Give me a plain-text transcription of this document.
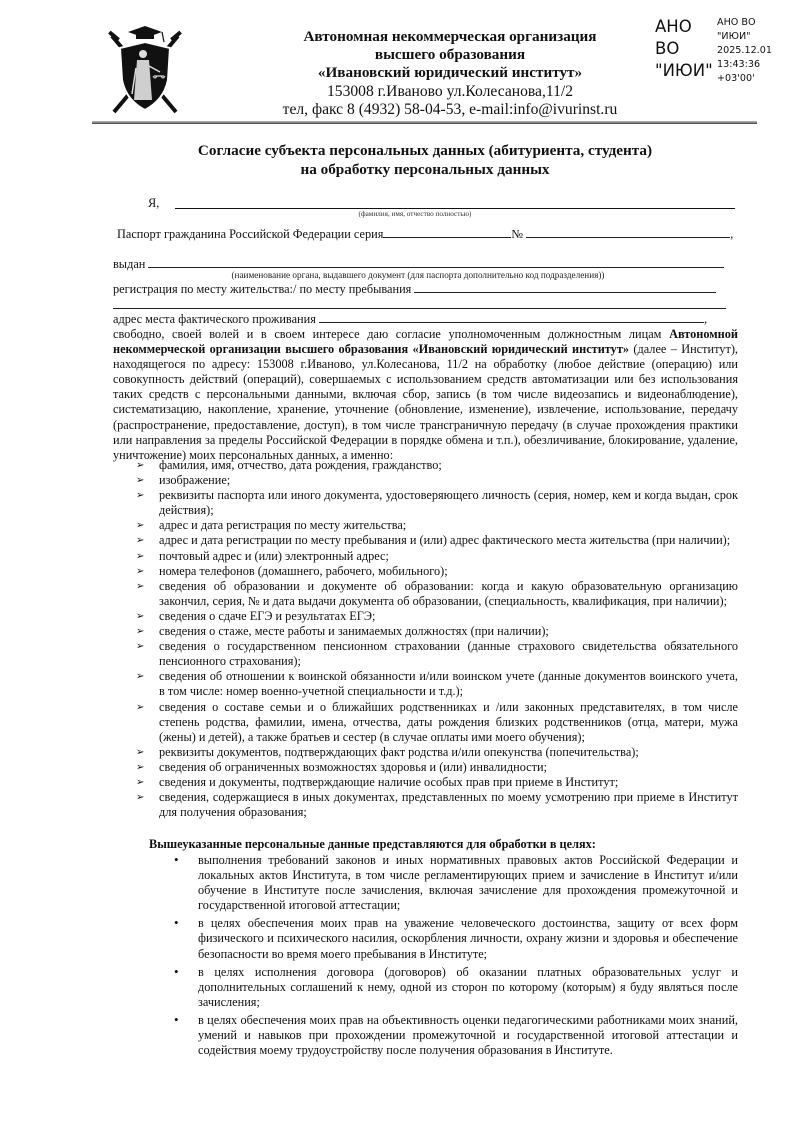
Автономная некоммерческая организация
высшего образования
«Ивановский юридический институт»
153008 г.Иваново ул.Колесанова,11/2
тел, факс 8 (4932) 58-04-53, e-mail:info@ivurinst.ru
АНО
ВО
"ИЮИ"
АНО ВО
"ИЮИ"
2025.12.01
13:43:36
+03'00'
Согласие субъекта персональных данных (абитуриента, студента)
на обработку персональных данных
Я,
(фамилия, имя, отчество полностью)
Паспорт гражданина Российской Федерации серия	№	,
выдан
(наименование органа, выдавшего документ (для паспорта дополнительно код подразделения))
регистрация по месту жительства:/ по месту пребывания
адрес места фактического проживания	,
свободно, своей волей и в своем интересе даю согласие уполномоченным должностным лицам Автономной некоммерческой организации высшего образования «Ивановский юридический институт» (далее – Институт), находящегося по адресу: 153008 г.Иваново, ул.Колесанова, 11/2 на обработку (любое действие (операцию) или совокупность действий (операций), совершаемых с использованием средств автоматизации или без использования таких средств с персональными данными, включая сбор, запись (в том числе видеозапись и видеонаблюдение), систематизацию, накопление, хранение, уточнение (обновление, изменение), извлечение, использование, передачу (распространение, предоставление, доступ), в том числе трансграничную передачу (в случае прохождения практики или направления за пределы Российской Федерации в порядке обмена и т.п.), обезличивание, блокирование, удаление, уничтожение) моих персональных данных, а именно:
➢ фамилия, имя, отчество, дата рождения, гражданство;
➢ изображение;
➢ реквизиты паспорта или иного документа, удостоверяющего личность (серия, номер, кем и когда выдан, срок действия);
➢ адрес и дата регистрация по месту жительства;
➢ адрес и дата регистрации по месту пребывания и (или) адрес фактического места жительства (при наличии);
➢ почтовый адрес и (или) электронный адрес;
➢ номера телефонов (домашнего, рабочего, мобильного);
➢ сведения об образовании и документе об образовании: когда и какую образовательную организацию закончил, серия, № и дата выдачи документа об образовании, (специальность, квалификация, при наличии);
➢ сведения о сдаче ЕГЭ и результатах ЕГЭ;
➢ сведения о стаже, месте работы и занимаемых должностях (при наличии);
➢ сведения о государственном пенсионном страховании (данные страхового свидетельства обязательного пенсионного страхования);
➢ сведения об отношении к воинской обязанности и/или воинском учете (данные документов воинского учета, в том числе: номер военно-учетной специальности и т.д.);
➢ сведения о составе семьи и о ближайших родственниках и /или законных представителях, в том числе степень родства, фамилии, имена, отчества, даты рождения близких родственников (отца, матери, мужа (жены) и детей), а также братьев и сестер (в случае оплаты ими моего обучения);
➢ реквизиты документов, подтверждающих факт родства и/или опекунства (попечительства);
➢ сведения об ограниченных возможностях здоровья и (или) инвалидности;
➢ сведения и документы, подтверждающие наличие особых прав при приеме в Институт;
➢ сведения, содержащиеся в иных документах, представленных по моему усмотрению при приеме в Институт для получения образования;
Вышеуказанные персональные данные представляются для обработки в целях:
• выполнения требований законов и иных нормативных правовых актов Российской Федерации и локальных актов Института, в том числе регламентирующих прием и зачисление в Институт и/или обучение в Институте после зачисления, включая зачисление для прохождения промежуточной и государственной итоговой аттестации;
• в целях обеспечения моих прав на уважение человеческого достоинства, защиту от всех форм физического и психического насилия, оскорбления личности, охрану жизни и здоровья и обеспечение безопасности во время моего пребывания в Институте;
• в целях исполнения договора (договоров) об оказании платных образовательных услуг и дополнительных соглашений к нему, одной из сторон по которому (которым) я буду являться после зачисления;
• в целях обеспечения моих прав на объективность оценки педагогическими работниками моих знаний, умений и навыков при прохождении промежуточной и государственной итоговой аттестации и содействия моему трудоустройству после получения образования в Институте.
